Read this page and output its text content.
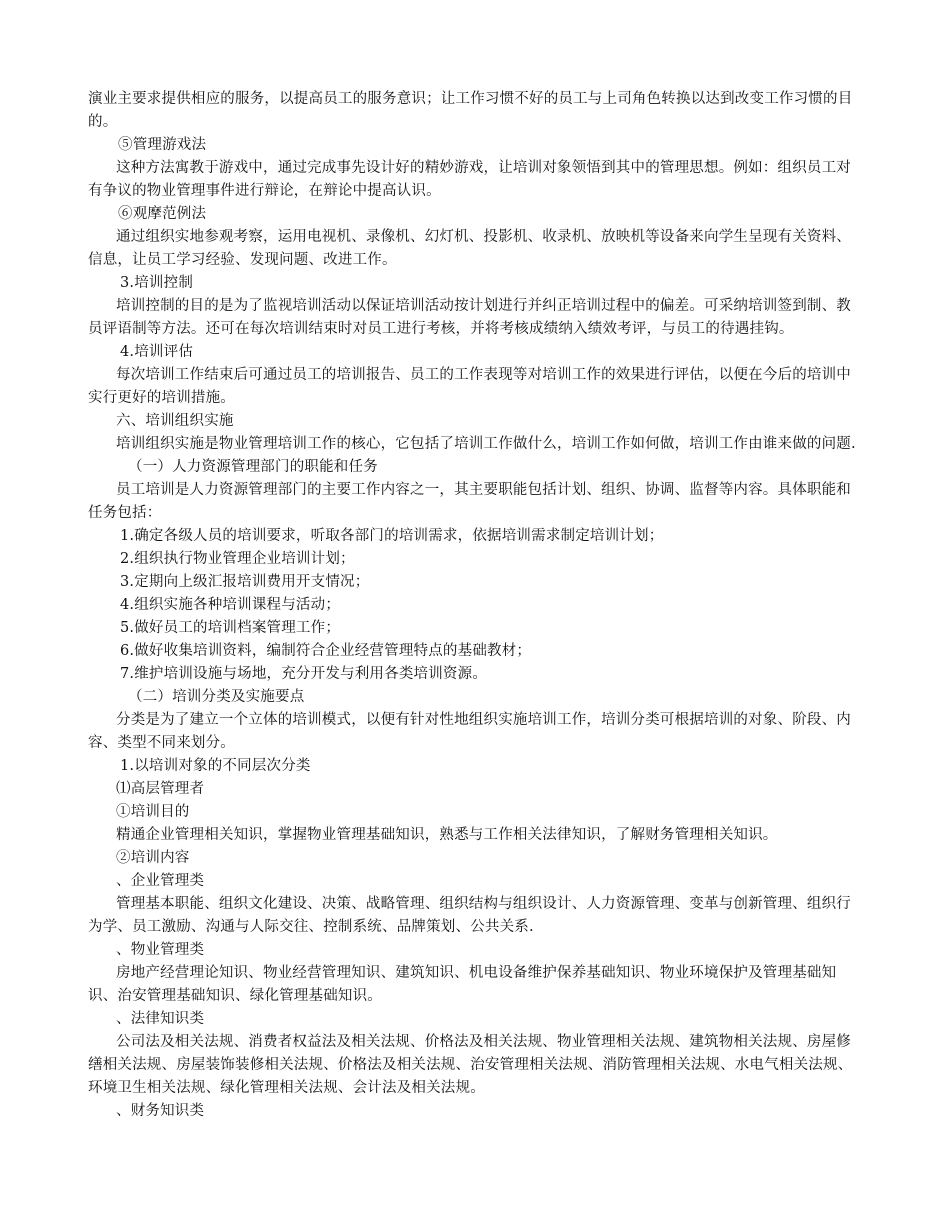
演业主要求提供相应的服务，以提高员工的服务意识；让工作习惯不好的员工与上司角色转换以达到改变工作习惯的目的。

⑤管理游戏法

这种方法寓教于游戏中，通过完成事先设计好的精妙游戏，让培训对象领悟到其中的管理思想。例如：组织员工对有争议的物业管理事件进行辩论，在辩论中提高认识。

⑥观摩范例法

通过组织实地参观考察，运用电视机、录像机、幻灯机、投影机、收录机、放映机等设备来向学生呈现有关资料、信息，让员工学习经验、发现问题、改进工作。

3.培训控制

培训控制的目的是为了监视培训活动以保证培训活动按计划进行并纠正培训过程中的偏差。可采纳培训签到制、教员评语制等方法。还可在每次培训结束时对员工进行考核，并将考核成绩纳入绩效考评，与员工的待遇挂钩。

4.培训评估

每次培训工作结束后可通过员工的培训报告、员工的工作表现等对培训工作的效果进行评估，以便在今后的培训中实行更好的培训措施。

六、培训组织实施

培训组织实施是物业管理培训工作的核心，它包括了培训工作做什么，培训工作如何做，培训工作由谁来做的问题.

（一）人力资源管理部门的职能和任务

员工培训是人力资源管理部门的主要工作内容之一，其主要职能包括计划、组织、协调、监督等内容。具体职能和任务包括：

1.确定各级人员的培训要求，听取各部门的培训需求，依据培训需求制定培训计划；

2.组织执行物业管理企业培训计划；

3.定期向上级汇报培训费用开支情况；

4.组织实施各种培训课程与活动；

5.做好员工的培训档案管理工作；

6.做好收集培训资料，编制符合企业经营管理特点的基础教材；

7.维护培训设施与场地，充分开发与利用各类培训资源。

（二）培训分类及实施要点

分类是为了建立一个立体的培训模式，以便有针对性地组织实施培训工作，培训分类可根据培训的对象、阶段、内容、类型不同来划分。

1.以培训对象的不同层次分类

⑴高层管理者

①培训目的

精通企业管理相关知识，掌握物业管理基础知识，熟悉与工作相关法律知识，了解财务管理相关知识。

②培训内容

、企业管理类

管理基本职能、组织文化建设、决策、战略管理、组织结构与组织设计、人力资源管理、变革与创新管理、组织行为学、员工激励、沟通与人际交往、控制系统、品牌策划、公共关系.

、物业管理类

房地产经营理论知识、物业经营管理知识、建筑知识、机电设备维护保养基础知识、物业环境保护及管理基础知识、治安管理基础知识、绿化管理基础知识。

、法律知识类

公司法及相关法规、消费者权益法及相关法规、价格法及相关法规、物业管理相关法规、建筑物相关法规、房屋修缮相关法规、房屋装饰装修相关法规、价格法及相关法规、治安管理相关法规、消防管理相关法规、水电气相关法规、环境卫生相关法规、绿化管理相关法规、会计法及相关法规。

、财务知识类
